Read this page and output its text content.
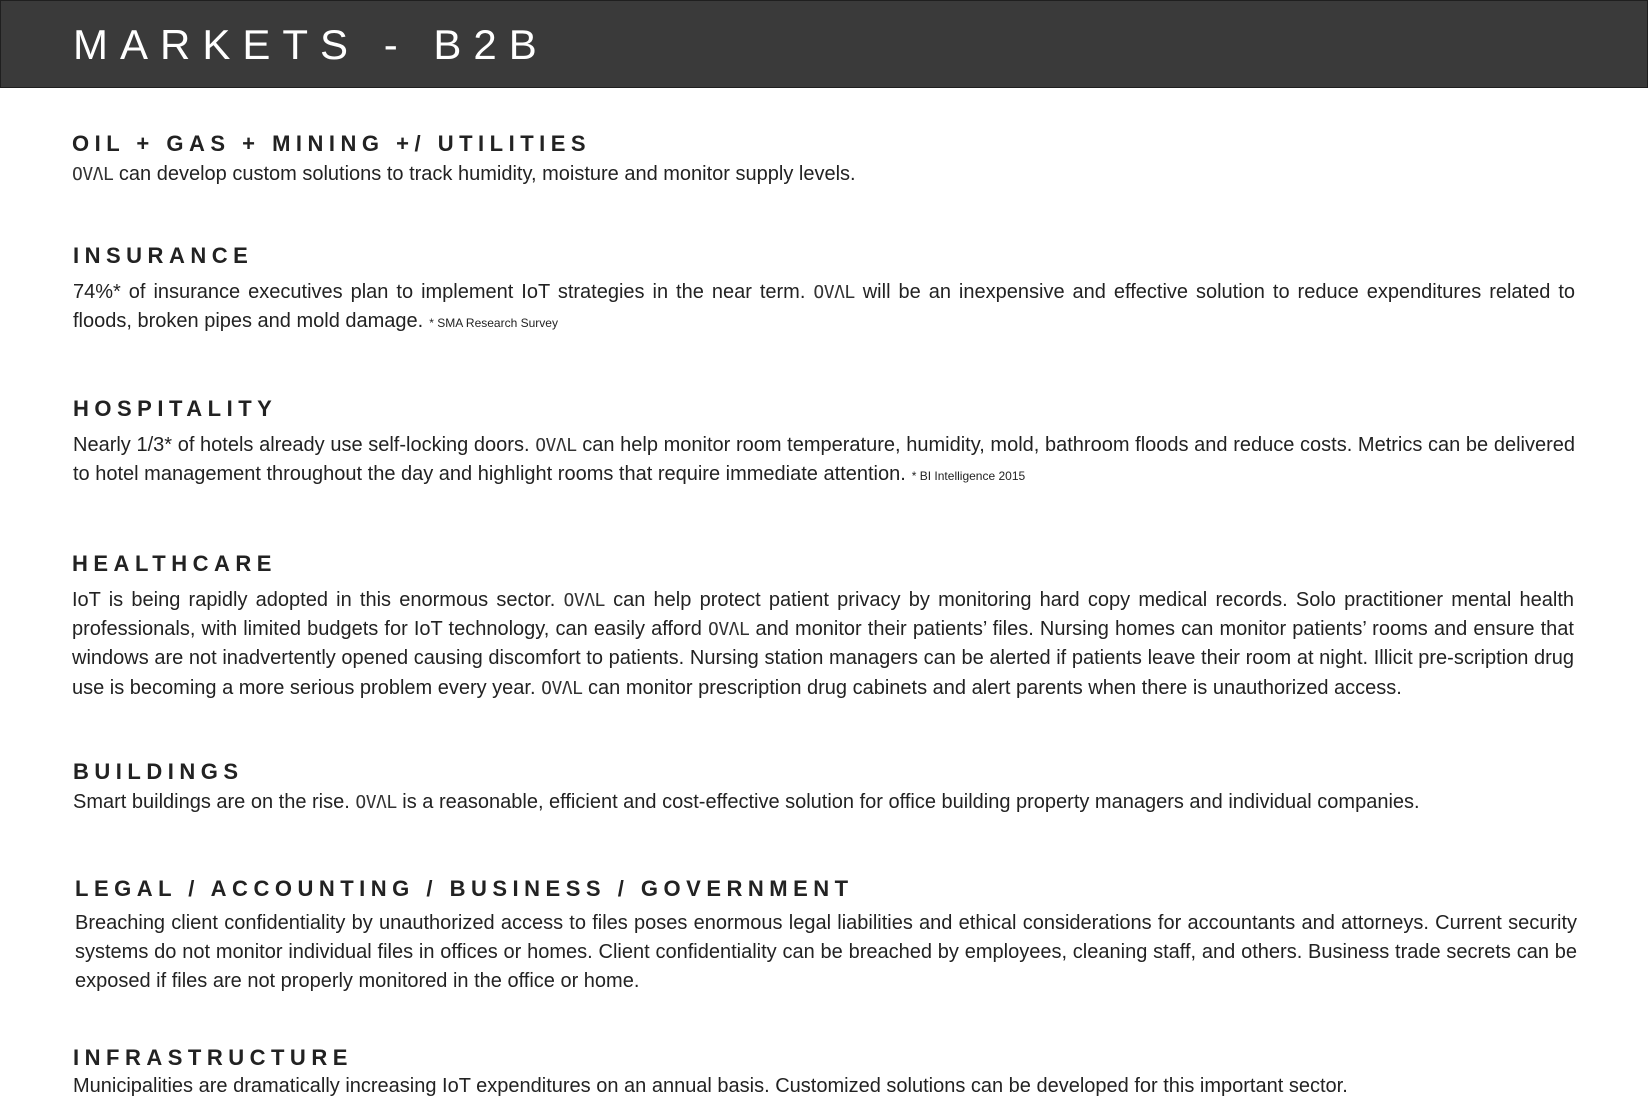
MARKETS - B2B
OIL + GAS + MINING +/ UTILITIES

OVΛL can develop custom solutions to track humidity, moisture and monitor supply levels.

INSURANCE

74%* of insurance executives plan to implement IoT strategies in the near term. OVΛL will be an inexpensive and effective solution to reduce expenditures related to floods, broken pipes and mold damage. * SMA Research Survey

HOSPITALITY

Nearly 1/3* of hotels already use self-locking doors. OVΛL can help monitor room temperature, humidity, mold, bathroom floods and reduce costs. Metrics can be delivered to hotel management throughout the day and highlight rooms that require immediate attention. * BI Intelligence 2015

HEALTHCARE

IoT is being rapidly adopted in this enormous sector. OVΛL can help protect patient privacy by monitoring hard copy medical records. Solo practitioner mental health professionals, with limited budgets for IoT technology, can easily afford OVΛL and monitor their patients’ files. Nursing homes can monitor patients’ rooms and ensure that windows are not inadvertently opened causing discomfort to patients. Nursing station managers can be alerted if patients leave their room at night. Illicit pre-scription drug use is becoming a more serious problem every year. OVΛL can monitor prescription drug cabinets and alert parents when there is unauthorized access.

BUILDINGS

Smart buildings are on the rise. OVΛL is a reasonable, efficient and cost-effective solution for office building property managers and individual companies.

LEGAL / ACCOUNTING / BUSINESS / GOVERNMENT

Breaching client confidentiality by unauthorized access to files poses enormous legal liabilities and ethical considerations for accountants and attorneys. Current security systems do not monitor individual files in offices or homes. Client confidentiality can be breached by employees, cleaning staff, and others. Business trade secrets can be exposed if files are not properly monitored in the office or home.

INFRASTRUCTURE

Municipalities are dramatically increasing IoT expenditures on an annual basis. Customized solutions can be developed for this important sector.
